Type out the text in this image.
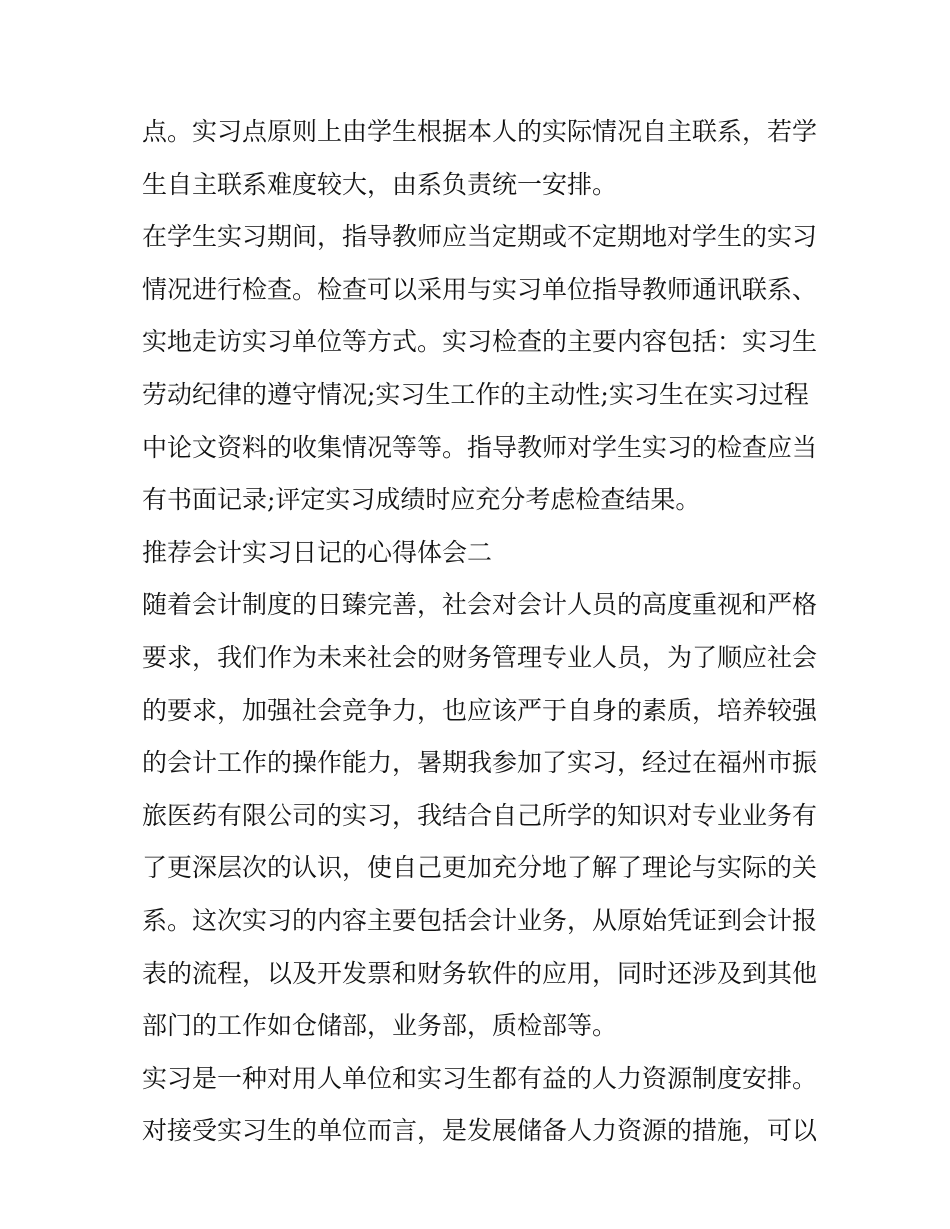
点。实习点原则上由学生根据本人的实际情况自主联系，若学
生自主联系难度较大，由系负责统一安排。
在学生实习期间，指导教师应当定期或不定期地对学生的实习
情况进行检查。检查可以采用与实习单位指导教师通讯联系、
实地走访实习单位等方式。实习检查的主要内容包括：实习生
劳动纪律的遵守情况;实习生工作的主动性;实习生在实习过程
中论文资料的收集情况等等。指导教师对学生实习的检查应当
有书面记录;评定实习成绩时应充分考虑检查结果。
推荐会计实习日记的心得体会二
随着会计制度的日臻完善，社会对会计人员的高度重视和严格
要求，我们作为未来社会的财务管理专业人员，为了顺应社会
的要求，加强社会竞争力，也应该严于自身的素质，培养较强
的会计工作的操作能力，暑期我参加了实习，经过在福州市振
旅医药有限公司的实习，我结合自己所学的知识对专业业务有
了更深层次的认识，使自己更加充分地了解了理论与实际的关
系。这次实习的内容主要包括会计业务，从原始凭证到会计报
表的流程，以及开发票和财务软件的应用，同时还涉及到其他
部门的工作如仓储部，业务部，质检部等。
实习是一种对用人单位和实习生都有益的人力资源制度安排。
对接受实习生的单位而言，是发展储备人力资源的措施，可以
